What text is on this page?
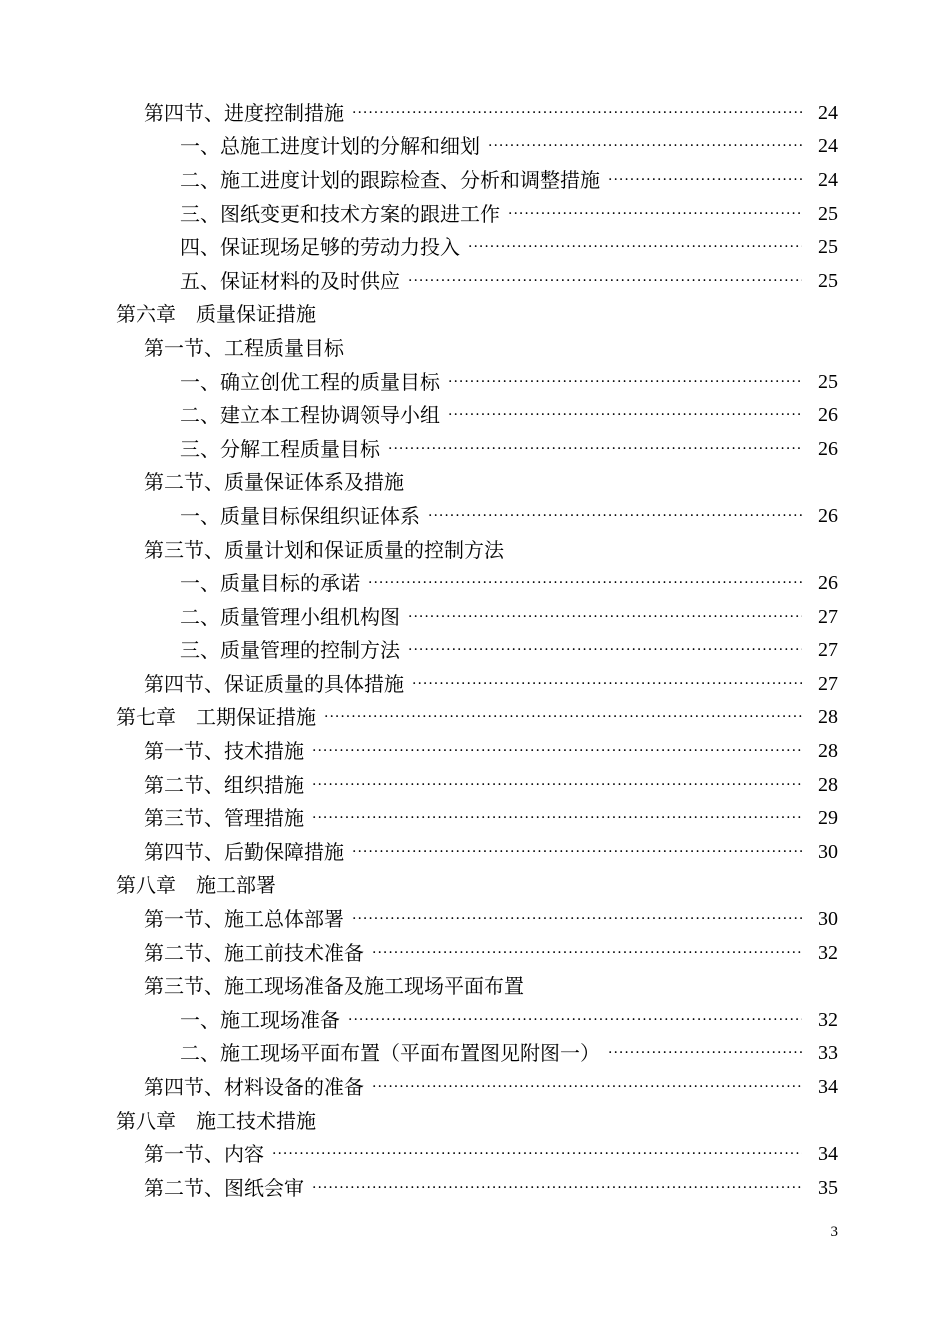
第四节、进度控制措施 ·····	24
一、总施工进度计划的分解和细划 ·····	24
二、施工进度计划的跟踪检查、分析和调整措施 ·····	24
三、图纸变更和技术方案的跟进工作 ·····	25
四、保证现场足够的劳动力投入 ·····	25
五、保证材料的及时供应 ·····	25
第六章　质量保证措施
第一节、工程质量目标
一、确立创优工程的质量目标 ·····	25
二、建立本工程协调领导小组 ·····	26
三、分解工程质量目标 ·····	26
第二节、质量保证体系及措施
一、质量目标保组织证体系 ·····	26
第三节、质量计划和保证质量的控制方法
一、质量目标的承诺 ·····	26
二、质量管理小组机构图 ·····	27
三、质量管理的控制方法 ·····	27
第四节、保证质量的具体措施 ·····	27
第七章　工期保证措施 ·····	28
第一节、技术措施 ·····	28
第二节、组织措施 ·····	28
第三节、管理措施 ·····	29
第四节、后勤保障措施 ·····	30
第八章　施工部署
第一节、施工总体部署 ·····	30
第二节、施工前技术准备 ·····	32
第三节、施工现场准备及施工现场平面布置
一、施工现场准备 ·····	32
二、施工现场平面布置（平面布置图见附图一） ·····	33
第四节、材料设备的准备 ·····	34
第八章　施工技术措施
第一节、内容 ·····	34
第二节、图纸会审 ·····	35
3
